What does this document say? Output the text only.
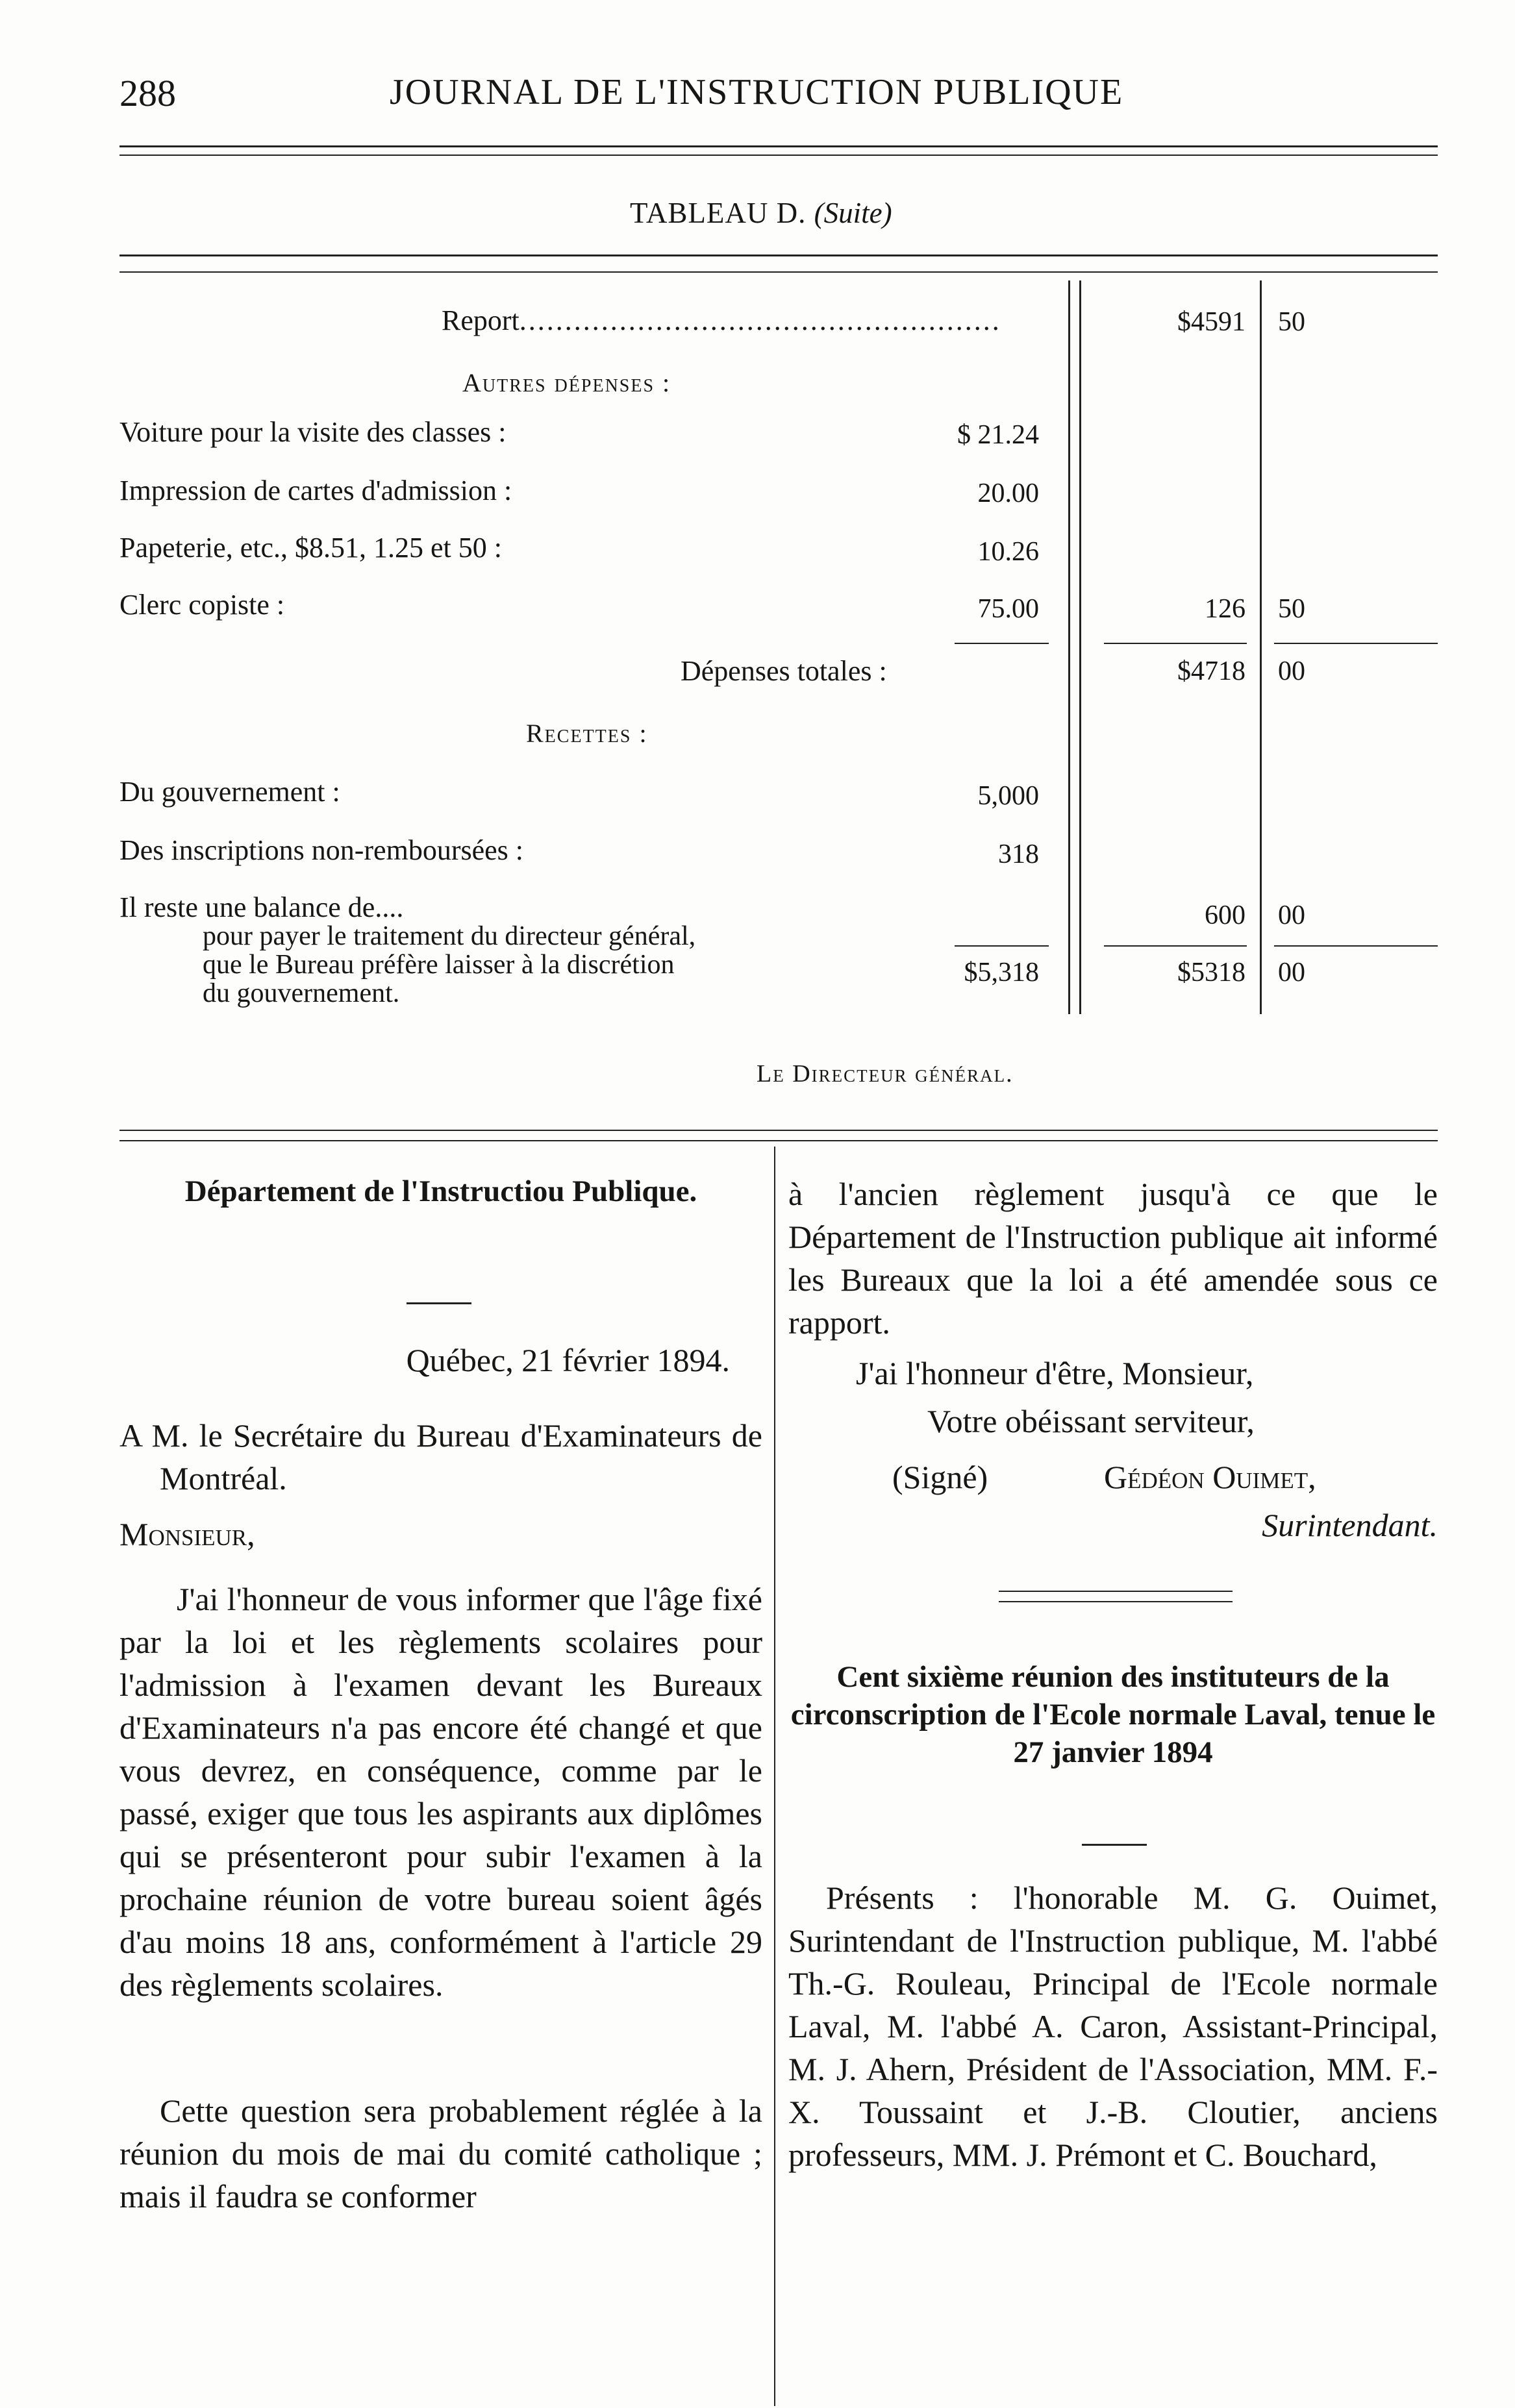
288	JOURNAL DE L'INSTRUCTION PUBLIQUE
TABLEAU D. (Suite)
Report.....................................................	$4591 50
Autres dépenses :
Voiture pour la visite des classes :	$ 21.24
Impression de cartes d'admission :	20.00
Papeterie, etc., $8.51, 1.25 et 50 :	10.26
Clerc copiste :	75.00	126 50
Dépenses totales :	$4718 00
Recettes :
Du gouvernement :	5,000
Des inscriptions non-remboursées :	318
Il reste une balance de....	600 00
pour payer le traitement du directeur général,
que le Bureau préfère laisser à la discrétion
du gouvernement.
$5,318	$5318 00
Le Directeur général.

Département de l'Instructiou Publique.

Québec, 21 février 1894.
A M. le Secrétaire du Bureau d'Examinateurs de Montréal.
Monsieur,
J'ai l'honneur de vous informer que l'âge fixé par la loi et les règlements scolaires pour l'admission à l'examen devant les Bureaux d'Examinateurs n'a pas encore été changé et que vous devrez, en conséquence, comme par le passé, exiger que tous les aspirants aux diplômes qui se présenteront pour subir l'examen à la prochaine réunion de votre bureau soient âgés d'au moins 18 ans, conformément à l'article 29 des règlements scolaires.
Cette question sera probablement réglée à la réunion du mois de mai du comité catholique ; mais il faudra se conformer
à l'ancien règlement jusqu'à ce que le Département de l'Instruction publique ait informé les Bureaux que la loi a été amendée sous ce rapport.
J'ai l'honneur d'être, Monsieur,
Votre obéissant serviteur,
(Signé)	Gédéon Ouimet,
Surintendant.

Cent sixième réunion des instituteurs de la circonscription de l'Ecole normale Laval, tenue le 27 janvier 1894

Présents : l'honorable M. G. Ouimet, Surintendant de l'Instruction publique, M. l'abbé Th.-G. Rouleau, Principal de l'Ecole normale Laval, M. l'abbé A. Caron, Assistant-Principal, M. J. Ahern, Président de l'Association, MM. F.-X. Toussaint et J.-B. Cloutier, anciens professeurs, MM. J. Prémont et C. Bouchard,
